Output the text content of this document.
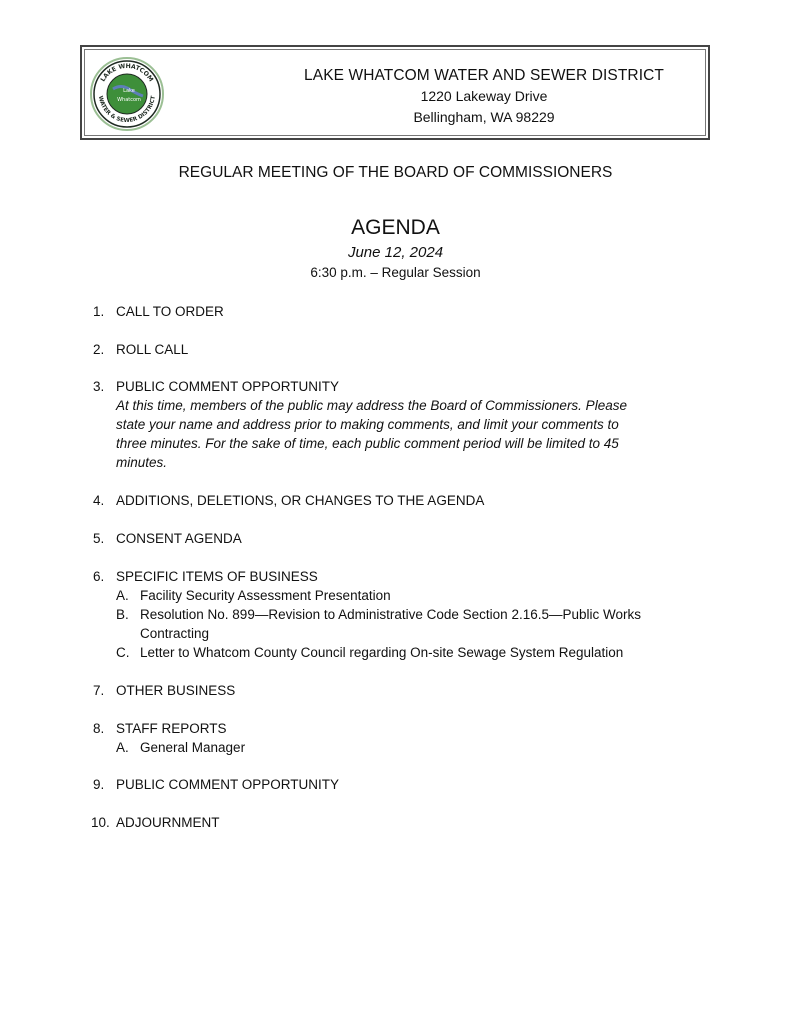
LAKE WHATCOM
WATER & SEWER DISTRICT
Lake
Whatcom
LAKE WHATCOM WATER AND SEWER DISTRICT
1220 Lakeway Drive
Bellingham, WA 98229
REGULAR MEETING OF THE BOARD OF COMMISSIONERS
AGENDA
June 12, 2024
6:30 p.m. – Regular Session
1. CALL TO ORDER
2. ROLL CALL
3. PUBLIC COMMENT OPPORTUNITY
At this time, members of the public may address the Board of Commissioners. Please
state your name and address prior to making comments, and limit your comments to
three minutes. For the sake of time, each public comment period will be limited to 45
minutes.
4. ADDITIONS, DELETIONS, OR CHANGES TO THE AGENDA
5. CONSENT AGENDA
6. SPECIFIC ITEMS OF BUSINESS
A. Facility Security Assessment Presentation
B. Resolution No. 899—Revision to Administrative Code Section 2.16.5—Public Works
Contracting
C. Letter to Whatcom County Council regarding On-site Sewage System Regulation
7. OTHER BUSINESS
8. STAFF REPORTS
A. General Manager
9. PUBLIC COMMENT OPPORTUNITY
10. ADJOURNMENT
